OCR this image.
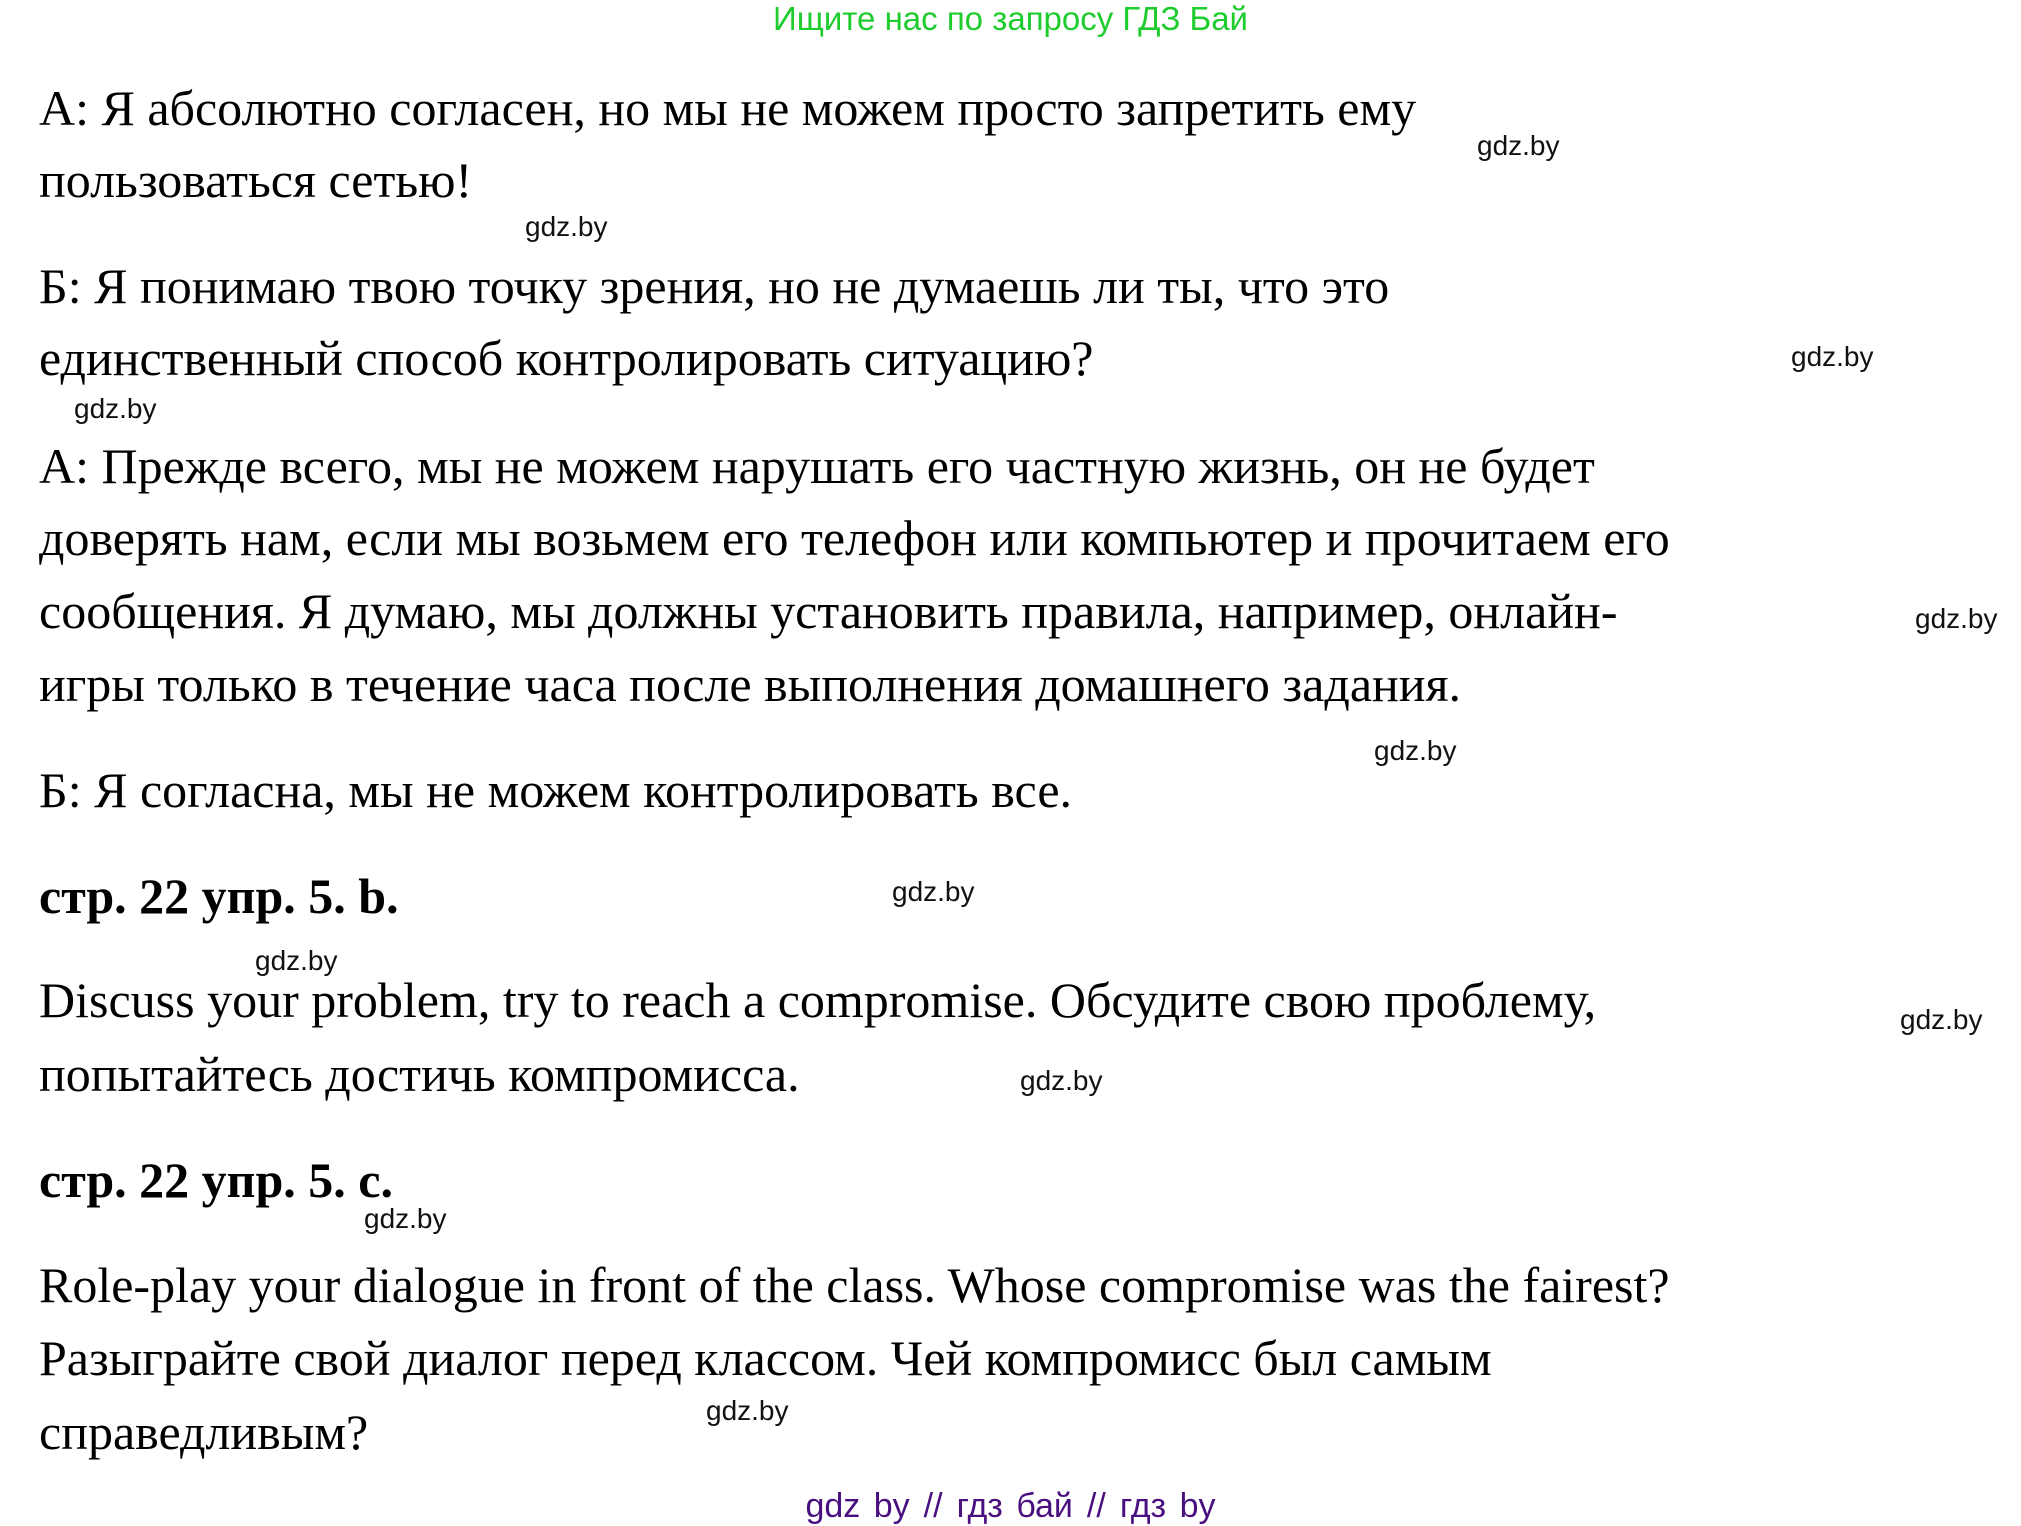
Ищите нас по запросу ГДЗ Бай
А: Я абсолютно согласен, но мы не можем просто запретить ему
пользоваться сетью!
Б: Я понимаю твою точку зрения, но не думаешь ли ты, что это
единственный способ контролировать ситуацию?
А: Прежде всего, мы не можем нарушать его частную жизнь, он не будет
доверять нам, если мы возьмем его телефон или компьютер и прочитаем его
сообщения. Я думаю, мы должны установить правила, например, онлайн-
игры только в течение часа после выполнения домашнего задания.
Б: Я согласна, мы не можем контролировать все.
стр. 22 упр. 5. b.
Discuss your problem, try to reach a compromise. Обсудите свою проблему,
попытайтесь достичь компромисса.
стр. 22 упр. 5. c.
Role-play your dialogue in front of the class. Whose compromise was the fairest?
Разыграйте свой диалог перед классом. Чей компромисс был самым
справедливым?
gdz.by
gdz.by
gdz.by
gdz.by
gdz.by
gdz.by
gdz.by
gdz.by
gdz.by
gdz.by
gdz.by
gdz.by
gdz by // гдз бай // гдз by
